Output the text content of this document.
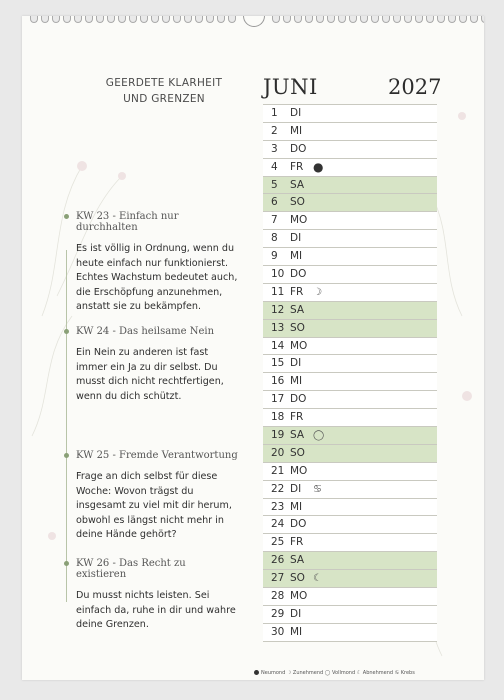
GEERDETE KLARHEIT
UND GRENZEN	JUNI	2027
1	DI
2	MI
3	DO
4	FR ●
5	SA
6	SO
7	MO
8	DI
9	MI
10 DO
11 FR ☽
12 SA
13 SO
14 MO
15 DI
16 MI
17 DO
18 FR
19 SA ◯
20 SO
21 MO
22 DI ♋
23 MI
24 DO
25 FR
26 SA
27 SO ☾
28 MO
29 DI
30 MI
KW 23 - Einfach nur durchhalten
Es ist völlig in Ordnung, wenn du heute einfach nur funktionierst. Echtes Wachstum bedeutet auch, die Erschöpfung anzunehmen, anstatt sie zu bekämpfen.
KW 24 - Das heilsame Nein
Ein Nein zu anderen ist fast immer ein Ja zu dir selbst. Du musst dich nicht rechtfertigen, wenn du dich schützt.
KW 25 - Fremde Verantwortung
Frage an dich selbst für diese Woche: Wovon trägst du insgesamt zu viel mit dir herum, obwohl es längst nicht mehr in deine Hände gehört?
KW 26 - Das Recht zu existieren
Du musst nichts leisten. Sei einfach da, ruhe in dir und wahre deine Grenzen.
Neumond ☽ Zunehmend ◯ Vollmond ☾ Abnehmend ♋ Krebs
